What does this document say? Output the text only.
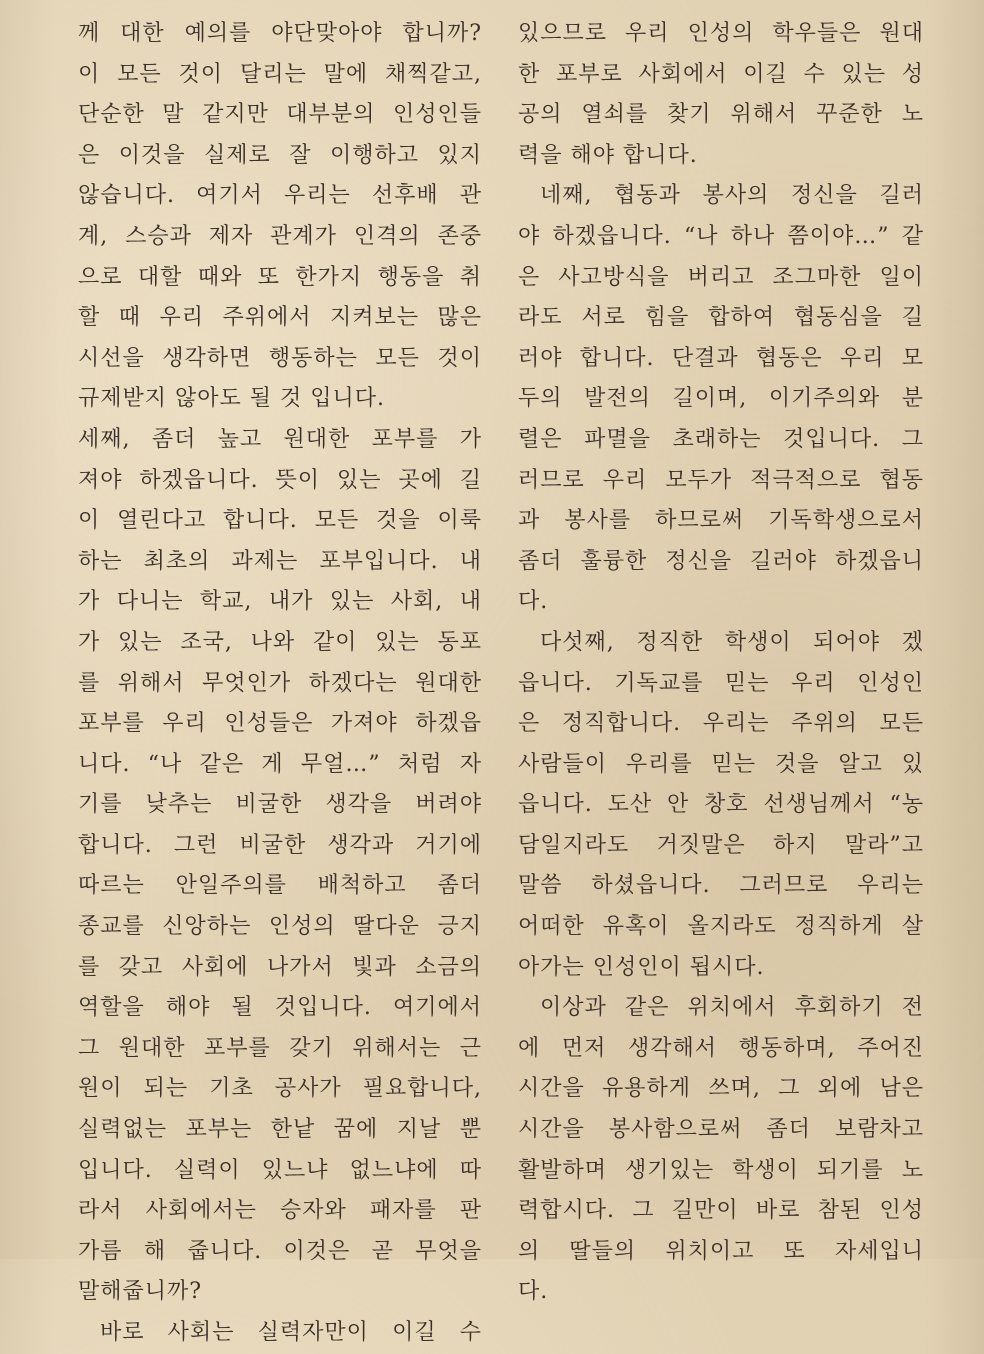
께 대한 예의를 야단맞아야 합니까?
이 모든 것이 달리는 말에 채찍같고,
단순한 말 같지만 대부분의 인성인들
은 이것을 실제로 잘 이행하고 있지
않습니다. 여기서 우리는 선후배 관
계, 스승과 제자 관계가 인격의 존중
으로 대할 때와 또 한가지 행동을 취
할 때 우리 주위에서 지켜보는 많은
시선을 생각하면 행동하는 모든 것이
규제받지 않아도 될 것 입니다.
세째, 좀더 높고 원대한 포부를 가
져야 하겠읍니다. 뜻이 있는 곳에 길
이 열린다고 합니다. 모든 것을 이룩
하는 최초의 과제는 포부입니다. 내
가 다니는 학교, 내가 있는 사회, 내
가 있는 조국, 나와 같이 있는 동포
를 위해서 무엇인가 하겠다는 원대한
포부를 우리 인성들은 가져야 하겠읍
니다. “나 같은 게 무얼…” 처럼 자
기를 낮추는 비굴한 생각을 버려야
합니다. 그런 비굴한 생각과 거기에
따르는 안일주의를 배척하고 좀더
종교를 신앙하는 인성의 딸다운 긍지
를 갖고 사회에 나가서 빛과 소금의
역할을 해야 될 것입니다. 여기에서
그 원대한 포부를 갖기 위해서는 근
원이 되는 기초 공사가 필요합니다,
실력없는 포부는 한낱 꿈에 지날 뿐
입니다. 실력이 있느냐 없느냐에 따
라서 사회에서는 승자와 패자를 판
가름 해 줍니다. 이것은 곧 무엇을
말해줍니까?
바로 사회는 실력자만이 이길 수
있으므로 우리 인성의 학우들은 원대
한 포부로 사회에서 이길 수 있는 성
공의 열쇠를 찾기 위해서 꾸준한 노
력을 해야 합니다.
네째, 협동과 봉사의 정신을 길러
야 하겠읍니다. “나 하나 쯤이야…” 같
은 사고방식을 버리고 조그마한 일이
라도 서로 힘을 합하여 협동심을 길
러야 합니다. 단결과 협동은 우리 모
두의 발전의 길이며, 이기주의와 분
렬은 파멸을 초래하는 것입니다. 그
러므로 우리 모두가 적극적으로 협동
과 봉사를 하므로써 기독학생으로서
좀더 훌륭한 정신을 길러야 하겠읍니
다.
다섯째, 정직한 학생이 되어야 겠
읍니다. 기독교를 믿는 우리 인성인
은 정직합니다. 우리는 주위의 모든
사람들이 우리를 믿는 것을 알고 있
읍니다. 도산 안 창호 선생님께서 “농
담일지라도 거짓말은 하지 말라”고
말씀 하셨읍니다. 그러므로 우리는
어떠한 유혹이 올지라도 정직하게 살
아가는 인성인이 됩시다.
이상과 같은 위치에서 후회하기 전
에 먼저 생각해서 행동하며, 주어진
시간을 유용하게 쓰며, 그 외에 남은
시간을 봉사함으로써 좀더 보람차고
활발하며 생기있는 학생이 되기를 노
력합시다. 그 길만이 바로 참된 인성
의 딸들의 위치이고 또 자세입니
다.
